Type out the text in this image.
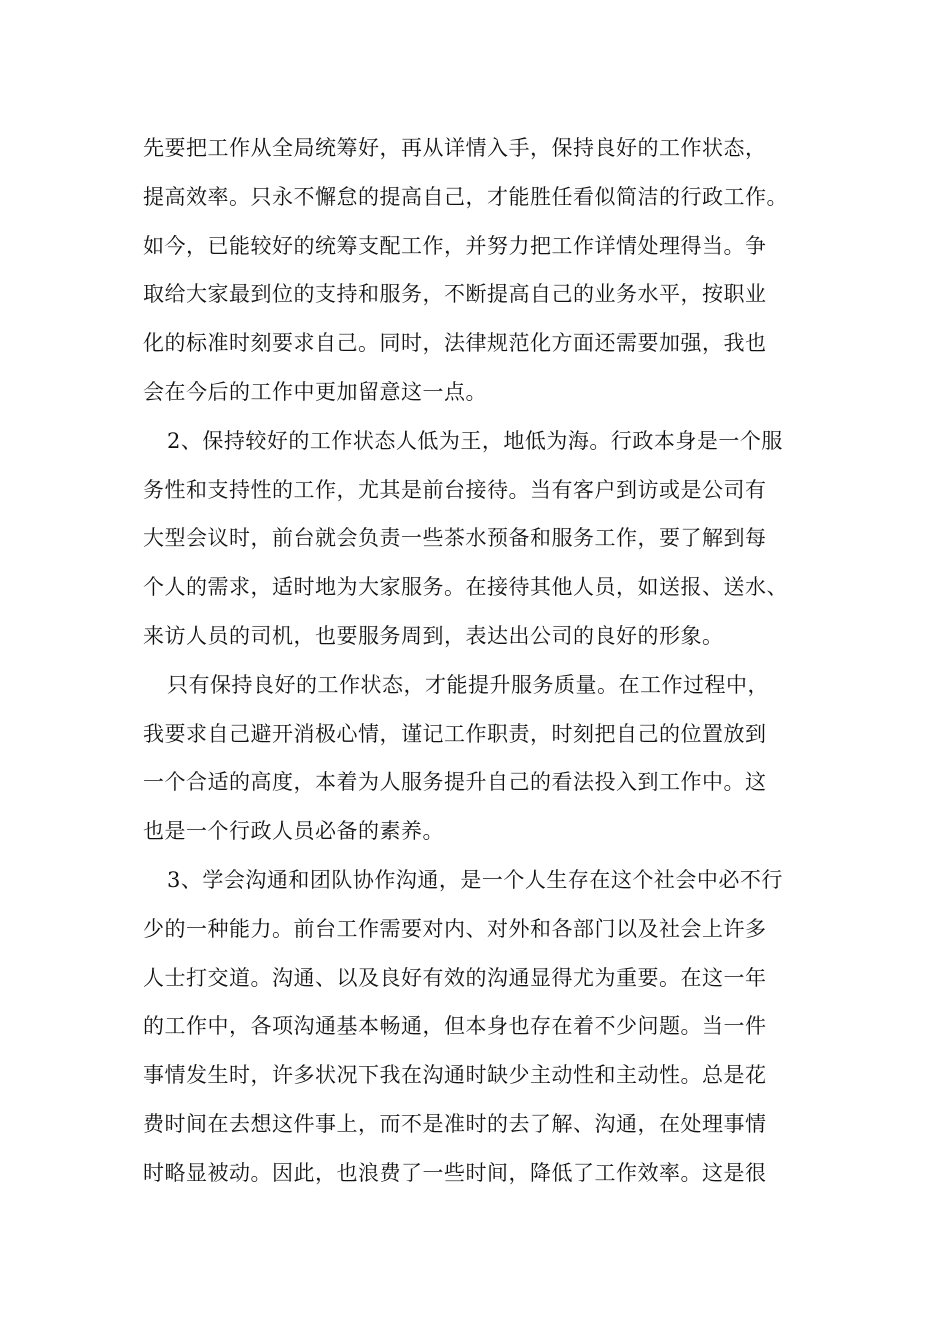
先要把工作从全局统筹好，再从详情入手，保持良好的工作状态，
提高效率。只永不懈怠的提高自己，才能胜任看似简洁的行政工作。
如今，已能较好的统筹支配工作，并努力把工作详情处理得当。争
取给大家最到位的支持和服务，不断提高自己的业务水平，按职业
化的标准时刻要求自己。同时，法律规范化方面还需要加强，我也
会在今后的工作中更加留意这一点。
2、保持较好的工作状态人低为王，地低为海。行政本身是一个服
务性和支持性的工作，尤其是前台接待。当有客户到访或是公司有
大型会议时，前台就会负责一些茶水预备和服务工作，要了解到每
个人的需求，适时地为大家服务。在接待其他人员，如送报、送水、
来访人员的司机，也要服务周到，表达出公司的良好的形象。
只有保持良好的工作状态，才能提升服务质量。在工作过程中，
我要求自己避开消极心情，谨记工作职责，时刻把自己的位置放到
一个合适的高度，本着为人服务提升自己的看法投入到工作中。这
也是一个行政人员必备的素养。
3、学会沟通和团队协作沟通，是一个人生存在这个社会中必不行
少的一种能力。前台工作需要对内、对外和各部门以及社会上许多
人士打交道。沟通、以及良好有效的沟通显得尤为重要。在这一年
的工作中，各项沟通基本畅通，但本身也存在着不少问题。当一件
事情发生时，许多状况下我在沟通时缺少主动性和主动性。总是花
费时间在去想这件事上，而不是准时的去了解、沟通，在处理事情
时略显被动。因此，也浪费了一些时间，降低了工作效率。这是很
